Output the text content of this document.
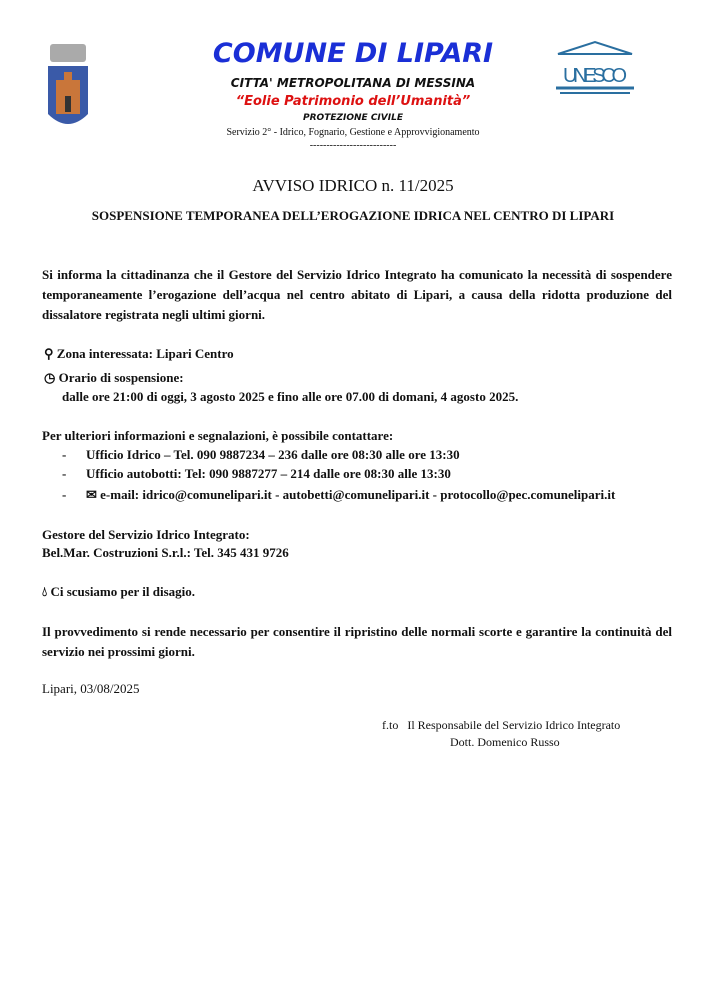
COMUNE DI LIPARI
CITTA' METROPOLITANA DI MESSINA
“Eolie Patrimonio dell’Umanità”
PROTEZIONE CIVILE
Servizio 2° - Idrico, Fognario, Gestione e Approvvigionamento
--------------------------
UNESCO
AVVISO IDRICO n. 11/2025
SOSPENSIONE TEMPORANEA DELL’EROGAZIONE IDRICA NEL CENTRO DI LIPARI
Si informa la cittadinanza che il Gestore del Servizio Idrico Integrato ha comunicato la necessità di sospendere temporaneamente l’erogazione dell’acqua nel centro abitato di Lipari, a causa della ridotta produzione del dissalatore registrata negli ultimi giorni.
⚲ Zona interessata: Lipari Centro
◷ Orario di sospensione:
dalle ore 21:00 di oggi, 3 agosto 2025 e fino alle ore 07.00 di domani, 4 agosto 2025.
Per ulteriori informazioni e segnalazioni, è possibile contattare:
- Ufficio Idrico – Tel. 090 9887234 – 236 dalle ore 08:30 alle ore 13:30
- Ufficio autobotti: Tel: 090 9887277 – 214 dalle ore 08:30 alle 13:30
- ✉ e-mail: idrico@comunelipari.it - autobetti@comunelipari.it - protocollo@pec.comunelipari.it
Gestore del Servizio Idrico Integrato:
Bel.Mar. Costruzioni S.r.l.: Tel. 345 431 9726
💧︎ Ci scusiamo per il disagio.
Il provvedimento si rende necessario per consentire il ripristino delle normali scorte e garantire la continuità del servizio nei prossimi giorni.
Lipari, 03/08/2025
f.to   Il Responsabile del Servizio Idrico Integrato
Dott. Domenico Russo
